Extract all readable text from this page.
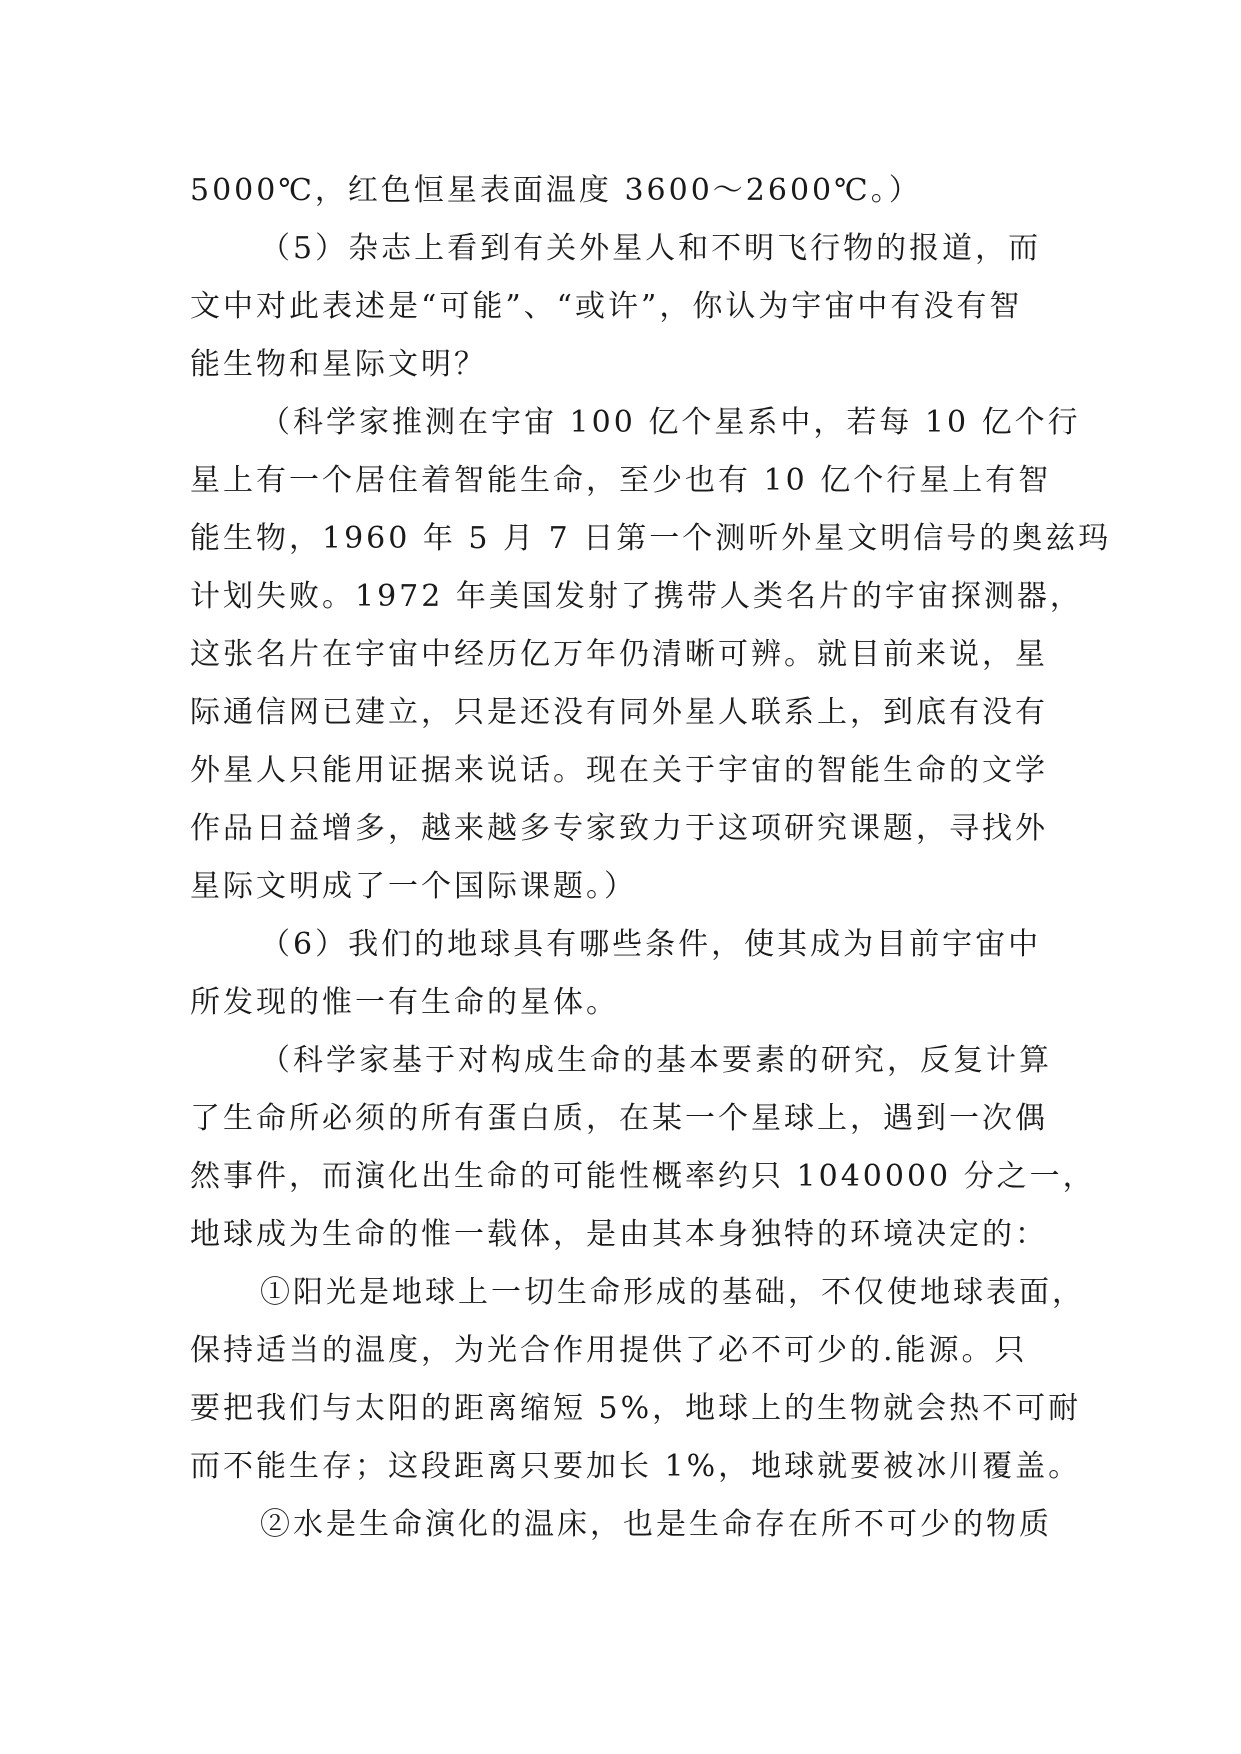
5000℃，红色恒星表面温度 3600～2600℃。）
（5）杂志上看到有关外星人和不明飞行物的报道，而
文中对此表述是“可能”、“或许”，你认为宇宙中有没有智
能生物和星际文明？
（科学家推测在宇宙 100 亿个星系中，若每 10 亿个行
星上有一个居住着智能生命，至少也有 10 亿个行星上有智
能生物，1960 年 5 月 7 日第一个测听外星文明信号的奥兹玛
计划失败。1972 年美国发射了携带人类名片的宇宙探测器，
这张名片在宇宙中经历亿万年仍清晰可辨。就目前来说，星
际通信网已建立，只是还没有同外星人联系上，到底有没有
外星人只能用证据来说话。现在关于宇宙的智能生命的文学
作品日益增多，越来越多专家致力于这项研究课题，寻找外
星际文明成了一个国际课题。）
（6）我们的地球具有哪些条件，使其成为目前宇宙中
所发现的惟一有生命的星体。
（科学家基于对构成生命的基本要素的研究，反复计算
了生命所必须的所有蛋白质，在某一个星球上，遇到一次偶
然事件，而演化出生命的可能性概率约只 1040000 分之一，
地球成为生命的惟一载体，是由其本身独特的环境决定的：
①阳光是地球上一切生命形成的基础，不仅使地球表面，
保持适当的温度，为光合作用提供了必不可少的.能源。只
要把我们与太阳的距离缩短 5%，地球上的生物就会热不可耐
而不能生存；这段距离只要加长 1%，地球就要被冰川覆盖。
②水是生命演化的温床，也是生命存在所不可少的物质
